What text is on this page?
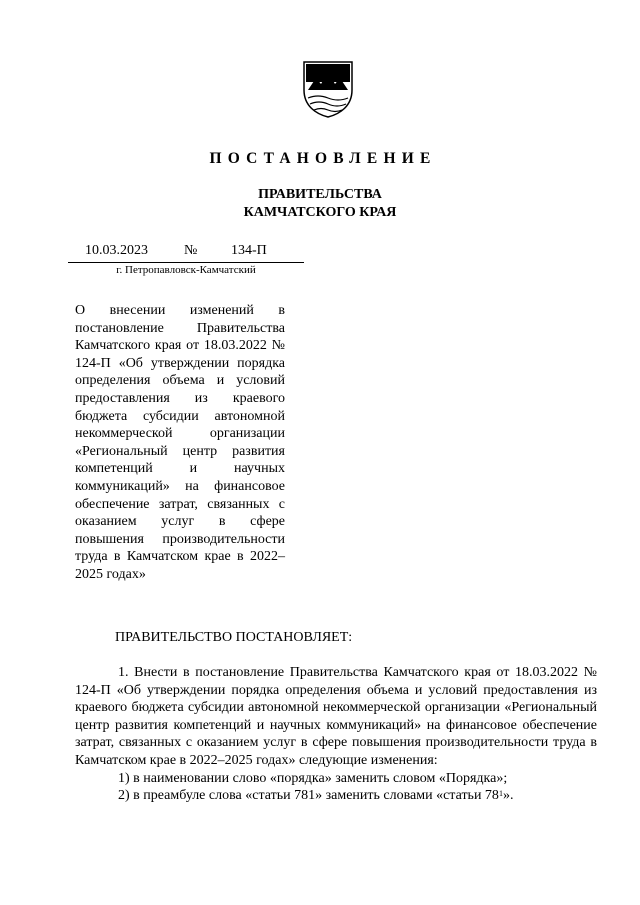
ПОСТАНОВЛЕНИЕ
ПРАВИТЕЛЬСТВА
КАМЧАТСКОГО КРАЯ
10.03.2023	№ 134-П
г. Петропавловск-Камчатский
О внесении изменений в постановление Правительства Камчатского края от 18.03.2022 № 124-П «Об утверждении порядка определения объема и условий предоставления из краевого бюджета субсидии автономной некоммерческой организации «Региональный центр развития компетенций и научных коммуникаций» на финансовое обеспечение затрат, связанных с оказанием услуг в сфере повышения производительности труда в Камчатском крае в 2022–2025 годах»
ПРАВИТЕЛЬСТВО ПОСТАНОВЛЯЕТ:

1. Внести в постановление Правительства Камчатского края от 18.03.2022 № 124-П «Об утверждении порядка определения объема и условий предоставления из краевого бюджета субсидии автономной некоммерческой организации «Региональный центр развития компетенций и научных коммуникаций» на финансовое обеспечение затрат, связанных с оказанием услуг в сфере повышения производительности труда в Камчатском крае в 2022–2025 годах» следующие изменения:

1) в наименовании слово «порядка» заменить словом «Порядка»;

2) в преамбуле слова «статьи 781» заменить словами «статьи $78^1$».
